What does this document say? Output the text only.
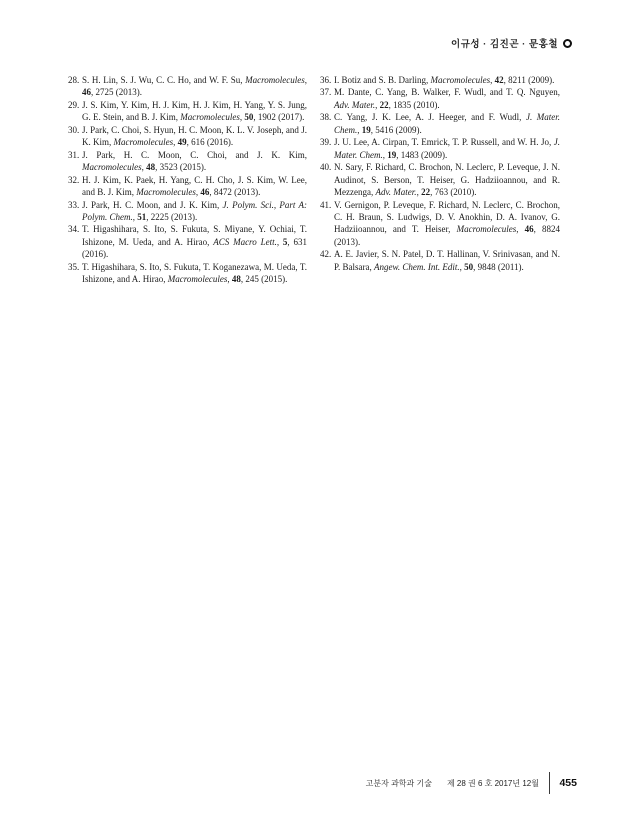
이규성 · 김진곤 · 문홍철
28. S. H. Lin, S. J. Wu, C. C. Ho, and W. F. Su, Macromolecules, 46, 2725 (2013).
29. J. S. Kim, Y. Kim, H. J. Kim, H. J. Kim, H. Yang, Y. S. Jung, G. E. Stein, and B. J. Kim, Macromolecules, 50, 1902 (2017).
30. J. Park, C. Choi, S. Hyun, H. C. Moon, K. L. V. Joseph, and J. K. Kim, Macromolecules, 49, 616 (2016).
31. J. Park, H. C. Moon, C. Choi, and J. K. Kim, Macromolecules, 48, 3523 (2015).
32. H. J. Kim, K. Paek, H. Yang, C. H. Cho, J. S. Kim, W. Lee, and B. J. Kim, Macromolecules, 46, 8472 (2013).
33. J. Park, H. C. Moon, and J. K. Kim, J. Polym. Sci., Part A: Polym. Chem., 51, 2225 (2013).
34. T. Higashihara, S. Ito, S. Fukuta, S. Miyane, Y. Ochiai, T. Ishizone, M. Ueda, and A. Hirao, ACS Macro Lett., 5, 631 (2016).
35. T. Higashihara, S. Ito, S. Fukuta, T. Koganezawa, M. Ueda, T. Ishizone, and A. Hirao, Macromolecules, 48, 245 (2015).
36. I. Botiz and S. B. Darling, Macromolecules, 42, 8211 (2009).
37. M. Dante, C. Yang, B. Walker, F. Wudl, and T. Q. Nguyen, Adv. Mater., 22, 1835 (2010).
38. C. Yang, J. K. Lee, A. J. Heeger, and F. Wudl, J. Mater. Chem., 19, 5416 (2009).
39. J. U. Lee, A. Cirpan, T. Emrick, T. P. Russell, and W. H. Jo, J. Mater. Chem., 19, 1483 (2009).
40. N. Sary, F. Richard, C. Brochon, N. Leclerc, P. Leveque, J. N. Audinot, S. Berson, T. Heiser, G. Hadziioannou, and R. Mezzenga, Adv. Mater., 22, 763 (2010).
41. V. Gernigon, P. Leveque, F. Richard, N. Leclerc, C. Brochon, C. H. Braun, S. Ludwigs, D. V. Anokhin, D. A. Ivanov, G. Hadziioannou, and T. Heiser, Macromolecules, 46, 8824 (2013).
42. A. E. Javier, S. N. Patel, D. T. Hallinan, V. Srinivasan, and N. P. Balsara, Angew. Chem. Int. Edit., 50, 9848 (2011).
고분자 과학과 기술 제 28 권 6 호 2017년 12월 455
